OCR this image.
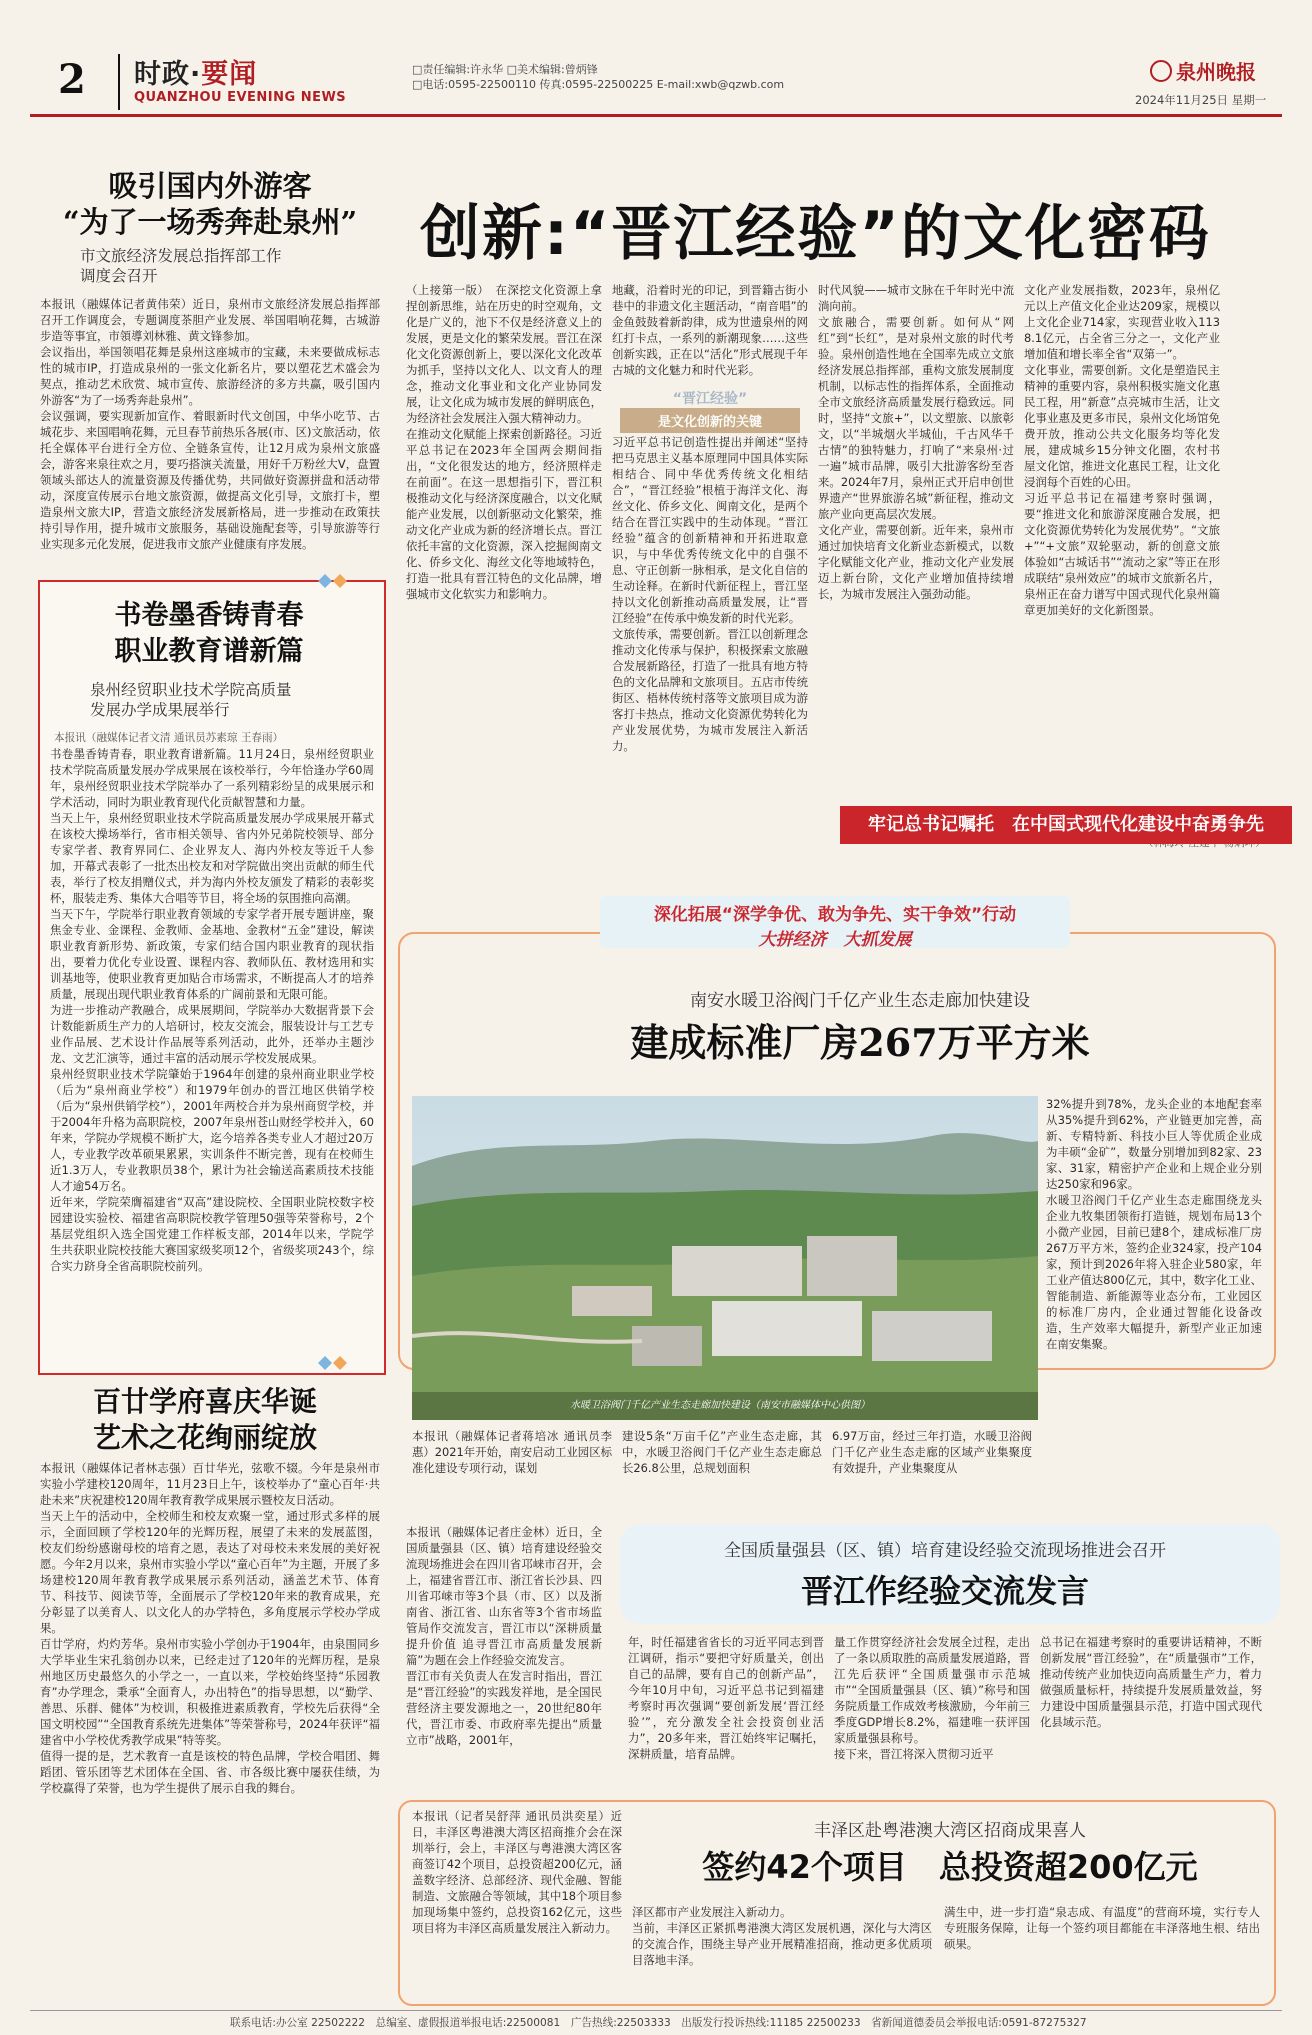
2 时政·要闻
QUANZHOU EVENING NEWS
□责任编辑:许永华 □美术编辑:曾炳锋
□电话:0595-22500110 传真:0595-22500225 E-mail:xwb@qzwb.com
泉州晚报
2024年11月25日 星期一
吸引国内外游客
“为了一场秀奔赴泉州”
市文旅经济发展总指挥部工作
调度会召开
本报讯（融媒体记者黄伟荣）近日，泉州市文旅经济发展总指挥部召开工作调度会，专题调度茶胆产业发展、举国唱响花舞，古城游步造等事宜，市領導刘林雅、黄文锋参加。
会议指出，举国领唱花舞是泉州这座城市的宝藏，未来要做成标志性的城市IP，打造成泉州的一张文化新名片，要以塑花艺术盛会为契点，推动艺术欣赏、城市宣传、旅游经济的多方共赢，吸引国内外游客“为了一场秀奔赴泉州”。
会议强调，要实现新加宣作、着眼新时代文创国，中华小吃节、古城花步、来国唱响花舞，元旦春节前热乐各展(市、区)文旅活动，依托全媒体平台进行全方位、全链条宣传，让12月成为泉州文旅盛会，游客来泉往欢之月，要巧搭演关流量，用好千万粉丝大V，盘置领域头部达人的流量资源及传播优势，共同做好资源拼盘和活动带动，深度宣传展示台地文旅资源，做提高文化引导，文旅打卡，塑造泉州文旅大IP，营造文旅经济发展新格局，进一步推动在政策扶持引导作用，提升城市文旅服务，基础设施配套等，引导旅游等行业实现多元化发展，促进我市文旅产业健康有序发展。
书卷墨香铸青春
职业教育谱新篇
泉州经贸职业技术学院高质量
发展办学成果展举行
本报讯（融媒体记者文清 通讯员苏素琼 王春雨）
书卷墨香铸青春，职业教育谱新篇。11月24日，泉州经贸职业技术学院高质量发展办学成果展在该校举行，今年恰逢办学60周年，泉州经贸职业技术学院举办了一系列精彩纷呈的成果展示和学术活动，同时为职业教育现代化贡献智慧和力量。
当天上午，泉州经贸职业技术学院高质量发展办学成果展开幕式在该校大操场举行，省市相关领导、省内外兄弟院校领导、部分专家学者、教育界同仁、企业界友人、海内外校友等近千人参加，开幕式表彰了一批杰出校友和对学院做出突出贡献的师生代表，举行了校友捐赠仪式，并为海内外校友颁发了精彩的表彰奖杯，服装走秀、集体大合唱等节目，将全场的氛围推向高潮。
当天下午，学院举行职业教育领域的专家学者开展专题讲座，聚焦金专业、金课程、金教师、金基地、金教材“五金”建设，解读职业教育新形势、新政策，专家们结合国内职业教育的现状指出，要着力优化专业设置、课程内容、教师队伍、教材选用和实训基地等，使职业教育更加贴合市场需求，不断提高人才的培养质量，展现出现代职业教育体系的广阔前景和无限可能。
为进一步推动产教融合，成果展期间，学院举办大数据背景下会计数能新质生产力的人培研讨，校友交流会，服装设计与工艺专业作品展、艺术设计作品展等系列活动，此外，还举办主题沙龙、文艺汇演等，通过丰富的活动展示学校发展成果。
泉州经贸职业技术学院肇始于1964年创建的泉州商业职业学校（后为“泉州商业学校”）和1979年创办的晋江地区供销学校（后为“泉州供销学校”），2001年两校合并为泉州商贸学校，并于2004年升格为高职院校，2007年泉州苍山财经学校并入，60年来，学院办学规模不断扩大，迄今培养各类专业人才超过20万人，专业教学改革硕果累累，实训条件不断完善，现有在校师生近1.3万人，专业教职员38个，累计为社会输送高素质技术技能人才逾54万名。
近年来，学院荣膺福建省“双高”建设院校、全国职业院校数字校园建设实验校、福建省高职院校教学管理50强等荣誉称号，2个基层党组织入选全国党建工作样板支部，2014年以来，学院学生共获职业院校技能大赛国家级奖项12个，省级奖项243个，综合实力跻身全省高职院校前列。
百廿学府喜庆华诞
艺术之花绚丽绽放
本报讯（融媒体记者林志强）百廿华光，弦歌不辍。今年是泉州市实验小学建校120周年，11月23日上午，该校举办了“童心百年·共赴未来”庆祝建校120周年教育教学成果展示暨校友日活动。
当天上午的活动中，全校师生和校友欢聚一堂，通过形式多样的展示，全面回顾了学校120年的光辉历程，展望了未来的发展蓝图，校友们纷纷感谢母校的培育之恩，表达了对母校未来发展的美好祝愿。今年2月以来，泉州市实验小学以“童心百年”为主题，开展了多场建校120周年教育教学成果展示系列活动，涵盖艺术节、体育节、科技节、阅读节等，全面展示了学校120年来的教育成果，充分彰显了以美育人、以文化人的办学特色，多角度展示学校办学成果。
百廿学府，灼灼芳华。泉州市实验小学创办于1904年，由泉围同乡大学毕业生宋孔翁创办以来，已经走过了120年的光辉历程，是泉州地区历史最悠久的小学之一，一直以来，学校始终坚持“乐园教育”办学理念，秉承“全面育人，办出特色”的指导思想，以“勤学、善思、乐群、健体”为校训，积极推进素质教育，学校先后获得“全国文明校园”“全国教育系统先进集体”等荣誉称号，2024年获评“福建省中小学校优秀教学成果”特等奖。
值得一提的是，艺术教育一直是该校的特色品牌，学校合唱团、舞蹈团、管乐团等艺术团体在全国、省、市各级比赛中屡获佳绩，为学校赢得了荣誉，也为学生提供了展示自我的舞台。
创新:“晋江经验”的文化密码
（上接第一版）　在深挖文化资源上拿捏创新思维，站在历史的时空观角，文化是广义的，池下不仅是经济意义上的发展，更是文化的繁荣发展。晋江在深化文化资源创新上，要以深化文化改革为抓手，坚持以文化人、以文育人的理念，推动文化事业和文化产业协同发展，让文化成为城市发展的鲜明底色，为经济社会发展注入强大精神动力。
在推动文化赋能上探索创新路径。习近平总书记在2023年全国两会期间指出，“文化很发达的地方，经济照样走在前面”。在这一思想指引下，晋江积极推动文化与经济深度融合，以文化赋能产业发展，以创新驱动文化繁荣，推动文化产业成为新的经济增长点。晋江依托丰富的文化资源，深入挖掘闽南文化、侨乡文化、海丝文化等地域特色，打造一批具有晋江特色的文化品牌，增强城市文化软实力和影响力。
地藏，沿着时光的印记，到晋籍古街小巷中的非遗文化主题活动，“南音唱”的金鱼鼓鼓着新韵律，成为世遗泉州的网红打卡点，一系列的新潮现象……这些创新实践，正在以“活化”形式展现千年古城的文化魅力和时代光彩。
“晋江经验”
是文化创新的关键
习近平总书记创造性提出并阐述“坚持把马克思主义基本原理同中国具体实际相结合、同中华优秀传统文化相结合”，“晋江经验”根植于海洋文化、海丝文化、侨乡文化、闽南文化，是两个结合在晋江实践中的生动体现。“晋江经验”蕴含的创新精神和开拓进取意识，与中华优秀传统文化中的自强不息、守正创新一脉相承，是文化自信的生动诠释。在新时代新征程上，晋江坚持以文化创新推动高质量发展，让“晋江经验”在传承中焕发新的时代光彩。
文旅传承，需要创新。晋江以创新理念推动文化传承与保护，积极探索文旅融合发展新路径，打造了一批具有地方特色的文化品牌和文旅项目。五店市传统街区、梧林传统村落等文旅项目成为游客打卡热点，推动文化资源优势转化为产业发展优势，为城市发展注入新活力。
时代风貌——城市文脉在千年时光中流淌向前。
文旅融合，需要创新。如何从“网红”到“长红”，是对泉州文旅的时代考验。泉州创造性地在全国率先成立文旅经济发展总指挥部，重构文旅发展制度机制，以标志性的指挥体系，全面推动全市文旅经济高质量发展行稳致远。同时，坚持“文旅+”，以文塑旅、以旅彰文，以“半城烟火半城仙，千古风华千古情”的独特魅力，打响了“来泉州·过一遍”城市品牌，吸引大批游客纷至沓来。2024年7月，泉州正式开启申创世界遗产“世界旅游名城”新征程，推动文旅产业向更高层次发展。
文化产业，需要创新。近年来，泉州市通过加快培育文化新业态新模式，以数字化赋能文化产业，推动文化产业发展迈上新台阶，文化产业增加值持续增长，为城市发展注入强劲动能。
文化产业发展指数，2023年，泉州亿元以上产值文化企业达209家，规模以上文化企业714家，实现营业收入1138.1亿元，占全省三分之一，文化产业增加值和增长率全省“双第一”。
文化事业，需要创新。文化是塑造民主精神的重要内容，泉州积极实施文化惠民工程，用“新意”点亮城市生活，让文化事业惠及更多市民，泉州文化场馆免费开放，推动公共文化服务均等化发展，建成城乡15分钟文化圈，农村书屋文化馆，推进文化惠民工程，让文化浸润每个百姓的心田。
习近平总书记在福建考察时强调，要“推进文化和旅游深度融合发展，把文化资源优势转化为发展优势”。“文旅+”“+文旅”双轮驱动，新的创意文旅体验如“古城话书”“流动之家”等正在形成联结“泉州效应”的城市文旅新名片，泉州正在奋力谱写中国式现代化泉州篇章更加美好的文化新图景。
牢记总书记嘱托　在中国式现代化建设中奋勇争先
深化拓展“深学争优、敢为争先、实干争效”行动
大拼经济　大抓发展
南安水暖卫浴阀门千亿产业生态走廊加快建设
建成标准厂房267万平方米
水暖卫浴阀门千亿产业生态走廊加快建设（南安市融媒体中心供图）
32%提升到78%，龙头企业的本地配套率从35%提升到62%，产业链更加完善，高新、专精特新、科技小巨人等优质企业成为丰硕“金矿”，数量分别增加到82家、23家、31家，精密护产企业和上规企业分别达250家和96家。
水暖卫浴阀门千亿产业生态走廊围绕龙头企业九牧集团领衔打造链，规划布局13个小微产业园，目前已建8个，建成标准厂房267万平方米，签约企业324家，投产104家，预计到2026年将入驻企业580家，年工业产值达800亿元，其中，数字化工业、智能制造、新能源等业态分布，工业园区的标准厂房内，企业通过智能化设备改造，生产效率大幅提升，新型产业正加速在南安集聚。
本报讯（融媒体记者蒋培冰 通讯员李惠）2021年开始，南安启动工业园区标准化建设专项行动，谋划
建设5条“万亩千亿”产业生态走廊，其中，水暖卫浴阀门千亿产业生态走廊总长26.8公里，总规划面积
6.97万亩，经过三年打造，水暖卫浴阀门千亿产业生态走廊的区域产业集聚度有效提升，产业集聚度从
本报讯（融媒体记者庄金林）近日，全国质量强县（区、镇）培育建设经验交流现场推进会在四川省邛崃市召开，会上，福建省晋江市、浙江省长沙县、四川省邛崃市等3个县（市、区）以及浙南省、浙江省、山东省等3个省市场监管局作交流发言，晋江市以“深耕质量 提升价值 追寻晋江市高质量发展新篇”为题在会上作经验交流发言。
晋江市有关负责人在发言时指出，晋江是“晋江经验”的实践发祥地，是全国民营经济主要发源地之一，20世纪80年代，晋江市委、市政府率先提出“质量立市”战略，2001年，
全国质量强县（区、镇）培育建设经验交流现场推进会召开
晋江作经验交流发言
年，时任福建省省长的习近平同志到晋江调研，指示“要把守好质量关，创出自己的品牌，要有自己的创新产品”，今年10月中旬，习近平总书记到福建考察时再次强调“要创新发展‘晋江经验’”，充分激发全社会投资创业活力”，20多年来，晋江始终牢记嘱托，深耕质量，培育品牌。
量工作贯穿经济社会发展全过程，走出了一条以质取胜的高质量发展道路，晋江先后获评“全国质量强市示范城市”“全国质量强县（区、镇）”称号和国务院质量工作成效考核激励，今年前三季度GDP增长8.2%，福建唯一获评国家质量强县称号。
接下来，晋江将深入贯彻习近平
总书记在福建考察时的重要讲话精神，不断创新发展“晋江经验”，在“质量强市”工作，推动传统产业加快迈向高质量生产力，着力做强质量标杆，持续提升发展质量效益，努力建设中国质量强县示范，打造中国式现代化县域示范。
本报讯（记者吴舒萍 通讯员洪奕星）近日，丰泽区粤港澳大湾区招商推介会在深圳举行，会上，丰泽区与粤港澳大湾区客商签订42个项目，总投资超200亿元，涵盖数字经济、总部经济、现代金融、智能制造、文旅融合等领域，其中18个项目参加现场集中签约，总投资162亿元，这些项目将为丰泽区高质量发展注入新动力。
丰泽区赴粤港澳大湾区招商成果喜人
签约42个项目　总投资超200亿元
泽区都市产业发展注入新动力。
当前，丰泽区正紧抓粤港澳大湾区发展机遇，深化与大湾区的交流合作，围绕主导产业开展精准招商，推动更多优质项目落地丰泽。
满生中，进一步打造“泉志成、有温度”的营商环境，实行专人专班服务保障，让每一个签约项目都能在丰泽落地生根、结出硕果。
联系电话:办公室 22502222　总编室、虚假报道举报电话:22500081　广告热线:22503333　出版发行投诉热线:11185 22500233　省新闻道德委员会举报电话:0591-87275327
